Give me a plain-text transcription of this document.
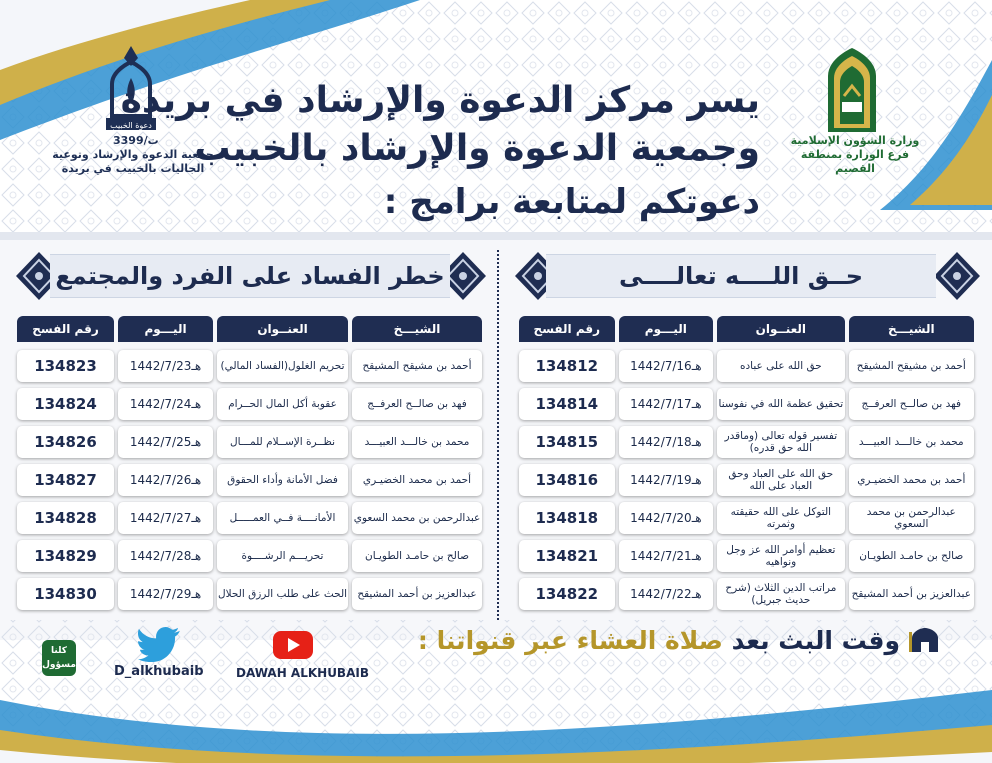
وزارة الشؤون الإسلامية
فرع الوزارة بمنطقة القصيم
دعوة الخبيب
ت/3399
جمعية الدعوة والإرشاد وتوعية
الجاليات بالخبيب في بريدة
يسر مركز الدعوة والإرشاد في بريدة
وجمعية الدعوة والإرشاد بالخبيب
دعوتكم لمتابعة برامج :
حــق اللــــه تعالــــى
خطر الفساد على الفرد والمجتمع
الشيـــخ
العنــوان
اليـــوم
رقم الفسح
أحمد بن مشيقح المشيقح
حق الله على عباده
1442/7/16هـ
134812
فهد بن صالــح العرفــج
تحقيق عظمة الله في نفوسنا
1442/7/17هـ
134814
محمد بن خالـــد العبيـــد
تفسير قوله تعالى (وماقدر الله حق قدره)
1442/7/18هـ
134815
أحمد بن محمد الخضيـري
حق الله على العباد وحق العباد على الله
1442/7/19هـ
134816
عبدالرحمن بن محمد السعوي
التوكل على الله حقيقته وثمرته
1442/7/20هـ
134818
صالح بن حامـد الطويـان
تعظيم أوامر الله عز وجل ونواهيه
1442/7/21هـ
134821
عبدالعزيز بن أحمد المشيقح
مراتب الدين الثلاث (شرح حديث جبريل)
1442/7/22هـ
134822
الشيـــخ
العنــوان
اليـــوم
رقم الفسح
أحمد بن مشيقح المشيقح
تحريم الغلول(الفساد المالي)
1442/7/23هـ
134823
فهد بن صالــح العرفــج
عقوبة أكل المال الحــرام
1442/7/24هـ
134824
محمد بن خالـــد العبيـــد
نظــرة الإســلام للمـــال
1442/7/25هـ
134826
أحمد بن محمد الخضيـري
فضل الأمانة وأداء الحقوق
1442/7/26هـ
134827
عبدالرحمن بن محمد السعوي
الأمانــــة فــي العمـــــل
1442/7/27هـ
134828
صالح بن حامـد الطويـان
تحريـــم الرشــــوة
1442/7/28هـ
134829
عبدالعزيز بن أحمد المشيقح
الحث على طلب الرزق الحلال
1442/7/29هـ
134830
وقت البث بعد صلاة العشاء عبر قنواتنا :
DAWAH ALKHUBAIB
D_alkhubaib
كلنا
مسؤول
